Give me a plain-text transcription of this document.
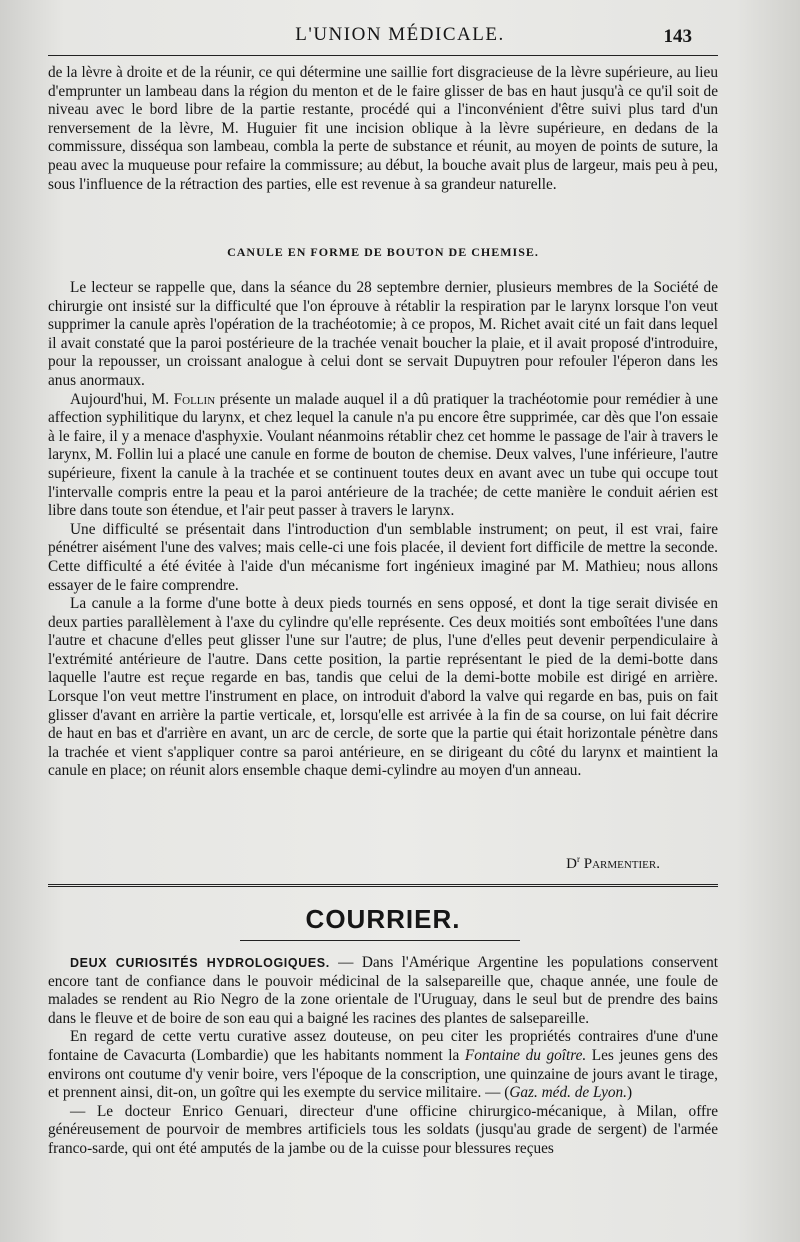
L'UNION MÉDICALE.	143

de la lèvre à droite et de la réunir, ce qui détermine une saillie fort disgracieuse de la lèvre supérieure, au lieu d'emprunter un lambeau dans la région du menton et de le faire glisser de bas en haut jusqu'à ce qu'il soit de niveau avec le bord libre de la partie restante, procédé qui a l'inconvénient d'être suivi plus tard d'un renversement de la lèvre, M. Huguier fit une incision oblique à la lèvre supérieure, en dedans de la commissure, disséqua son lambeau, combla la perte de substance et réunit, au moyen de points de suture, la peau avec la muqueuse pour refaire la commissure; au début, la bouche avait plus de largeur, mais peu à peu, sous l'influence de la rétraction des parties, elle est revenue à sa grandeur naturelle.

CANULE EN FORME DE BOUTON DE CHEMISE.

Le lecteur se rappelle que, dans la séance du 28 septembre dernier, plusieurs membres de la Société de chirurgie ont insisté sur la difficulté que l'on éprouve à rétablir la respiration par le larynx lorsque l'on veut supprimer la canule après l'opération de la trachéotomie; à ce propos, M. Richet avait cité un fait dans lequel il avait constaté que la paroi postérieure de la trachée venait boucher la plaie, et il avait proposé d'introduire, pour la repousser, un croissant analogue à celui dont se servait Dupuytren pour refouler l'éperon dans les anus anormaux.

Aujourd'hui, M. Follin présente un malade auquel il a dû pratiquer la trachéotomie pour remédier à une affection syphilitique du larynx, et chez lequel la canule n'a pu encore être supprimée, car dès que l'on essaie à le faire, il y a menace d'asphyxie. Voulant néanmoins rétablir chez cet homme le passage de l'air à travers le larynx, M. Follin lui a placé une canule en forme de bouton de chemise. Deux valves, l'une inférieure, l'autre supérieure, fixent la canule à la trachée et se continuent toutes deux en avant avec un tube qui occupe tout l'intervalle compris entre la peau et la paroi antérieure de la trachée; de cette manière le conduit aérien est libre dans toute son étendue, et l'air peut passer à travers le larynx.

Une difficulté se présentait dans l'introduction d'un semblable instrument; on peut, il est vrai, faire pénétrer aisément l'une des valves; mais celle-ci une fois placée, il devient fort difficile de mettre la seconde. Cette difficulté a été évitée à l'aide d'un mécanisme fort ingénieux imaginé par M. Mathieu; nous allons essayer de le faire comprendre.

La canule a la forme d'une botte à deux pieds tournés en sens opposé, et dont la tige serait divisée en deux parties parallèlement à l'axe du cylindre qu'elle représente. Ces deux moitiés sont emboîtées l'une dans l'autre et chacune d'elles peut glisser l'une sur l'autre; de plus, l'une d'elles peut devenir perpendiculaire à l'extrémité antérieure de l'autre. Dans cette position, la partie représentant le pied de la demi-botte dans laquelle l'autre est reçue regarde en bas, tandis que celui de la demi-botte mobile est dirigé en arrière. Lorsque l'on veut mettre l'instrument en place, on introduit d'abord la valve qui regarde en bas, puis on fait glisser d'avant en arrière la partie verticale, et, lorsqu'elle est arrivée à la fin de sa course, on lui fait décrire de haut en bas et d'arrière en avant, un arc de cercle, de sorte que la partie qui était horizontale pénètre dans la trachée et vient s'appliquer contre sa paroi antérieure, en se dirigeant du côté du larynx et maintient la canule en place; on réunit alors ensemble chaque demi-cylindre au moyen d'un anneau.

$D^r$ Parmentier.
COURRIER.

DEUX CURIOSITÉS HYDROLOGIQUES. — Dans l'Amérique Argentine les populations conservent encore tant de confiance dans le pouvoir médicinal de la salsepareille que, chaque année, une foule de malades se rendent au Rio Negro de la zone orientale de l'Uruguay, dans le seul but de prendre des bains dans le fleuve et de boire de son eau qui a baigné les racines des plantes de salsepareille.

En regard de cette vertu curative assez douteuse, on peu citer les propriétés contraires d'une d'une fontaine de Cavacurta (Lombardie) que les habitants nomment la Fontaine du goître. Les jeunes gens des environs ont coutume d'y venir boire, vers l'époque de la conscription, une quinzaine de jours avant le tirage, et prennent ainsi, dit-on, un goître qui les exempte du service militaire. — (Gaz. méd. de Lyon.)

— Le docteur Enrico Genuari, directeur d'une officine chirurgico-mécanique, à Milan, offre généreusement de pourvoir de membres artificiels tous les soldats (jusqu'au grade de sergent) de l'armée franco-sarde, qui ont été amputés de la jambe ou de la cuisse pour blessures reçues
